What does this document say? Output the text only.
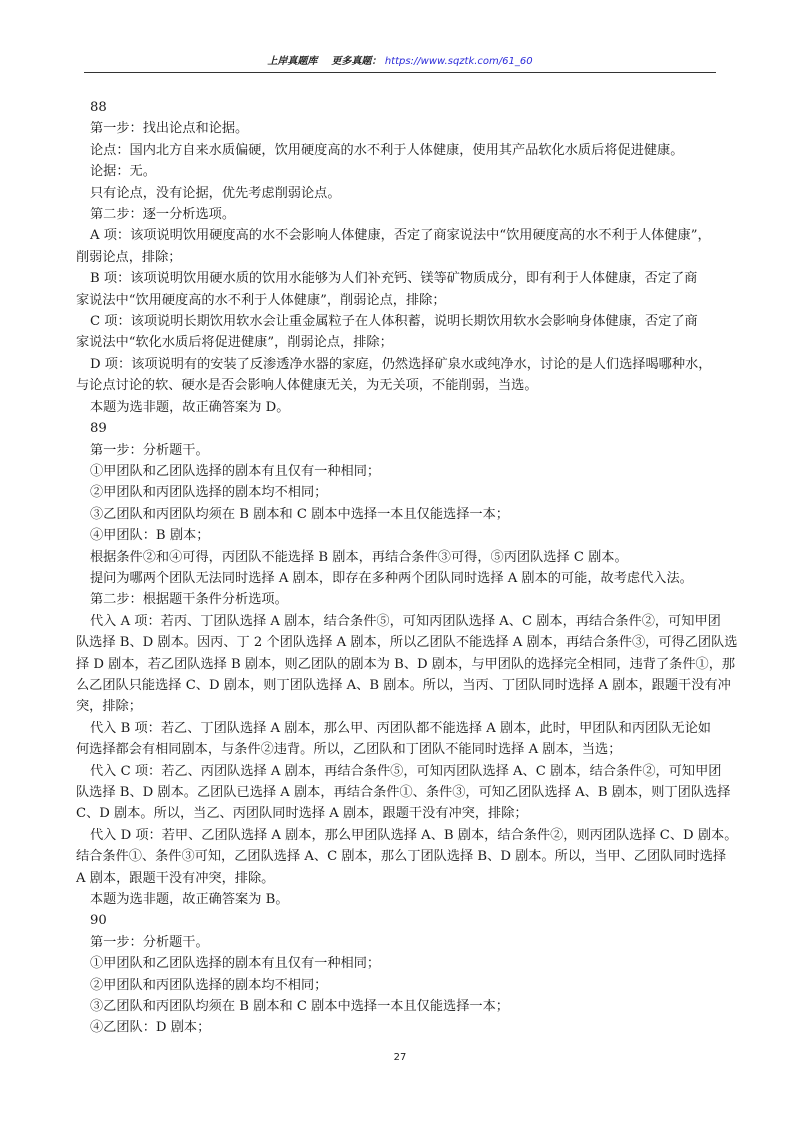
上岸真题库 更多真题： https://www.sqztk.com/61_60

88

第一步：找出论点和论据。

论点：国内北方自来水质偏硬，饮用硬度高的水不利于人体健康，使用其产品软化水质后将促进健康。

论据：无。

只有论点，没有论据，优先考虑削弱论点。

第二步：逐一分析选项。

A 项：该项说明饮用硬度高的水不会影响人体健康，否定了商家说法中“饮用硬度高的水不利于人体健康”，

削弱论点，排除；

B 项：该项说明饮用硬水质的饮用水能够为人们补充钙、镁等矿物质成分，即有利于人体健康，否定了商

家说法中“饮用硬度高的水不利于人体健康”，削弱论点，排除；

C 项：该项说明长期饮用软水会让重金属粒子在人体积蓄，说明长期饮用软水会影响身体健康，否定了商

家说法中“软化水质后将促进健康”，削弱论点，排除；

D 项：该项说明有的安装了反渗透净水器的家庭，仍然选择矿泉水或纯净水，讨论的是人们选择喝哪种水，

与论点讨论的软、硬水是否会影响人体健康无关，为无关项，不能削弱，当选。

本题为选非题，故正确答案为 D。

89

第一步：分析题干。

①甲团队和乙团队选择的剧本有且仅有一种相同；

②甲团队和丙团队选择的剧本均不相同；

③乙团队和丙团队均须在 B 剧本和 C 剧本中选择一本且仅能选择一本；

④甲团队：B 剧本；

根据条件②和④可得，丙团队不能选择 B 剧本，再结合条件③可得，⑤丙团队选择 C 剧本。

提问为哪两个团队无法同时选择 A 剧本，即存在多种两个团队同时选择 A 剧本的可能，故考虑代入法。

第二步：根据题干条件分析选项。

代入 A 项：若丙、丁团队选择 A 剧本，结合条件⑤，可知丙团队选择 A、C 剧本，再结合条件②，可知甲团

队选择 B、D 剧本。因丙、丁 2 个团队选择 A 剧本，所以乙团队不能选择 A 剧本，再结合条件③，可得乙团队选

择 D 剧本，若乙团队选择 B 剧本，则乙团队的剧本为 B、D 剧本，与甲团队的选择完全相同，违背了条件①，那

么乙团队只能选择 C、D 剧本，则丁团队选择 A、B 剧本。所以，当丙、丁团队同时选择 A 剧本，跟题干没有冲

突，排除；

代入 B 项：若乙、丁团队选择 A 剧本，那么甲、丙团队都不能选择 A 剧本，此时，甲团队和丙团队无论如

何选择都会有相同剧本，与条件②违背。所以，乙团队和丁团队不能同时选择 A 剧本，当选；

代入 C 项：若乙、丙团队选择 A 剧本，再结合条件⑤，可知丙团队选择 A、C 剧本，结合条件②，可知甲团

队选择 B、D 剧本。乙团队已选择 A 剧本，再结合条件①、条件③，可知乙团队选择 A、B 剧本，则丁团队选择

C、D 剧本。所以，当乙、丙团队同时选择 A 剧本，跟题干没有冲突，排除；

代入 D 项：若甲、乙团队选择 A 剧本，那么甲团队选择 A、B 剧本，结合条件②，则丙团队选择 C、D 剧本。

结合条件①、条件③可知，乙团队选择 A、C 剧本，那么丁团队选择 B、D 剧本。所以，当甲、乙团队同时选择

A 剧本，跟题干没有冲突，排除。

本题为选非题，故正确答案为 B。

90

第一步：分析题干。

①甲团队和乙团队选择的剧本有且仅有一种相同；

②甲团队和丙团队选择的剧本均不相同；

③乙团队和丙团队均须在 B 剧本和 C 剧本中选择一本且仅能选择一本；

④乙团队：D 剧本；

27
